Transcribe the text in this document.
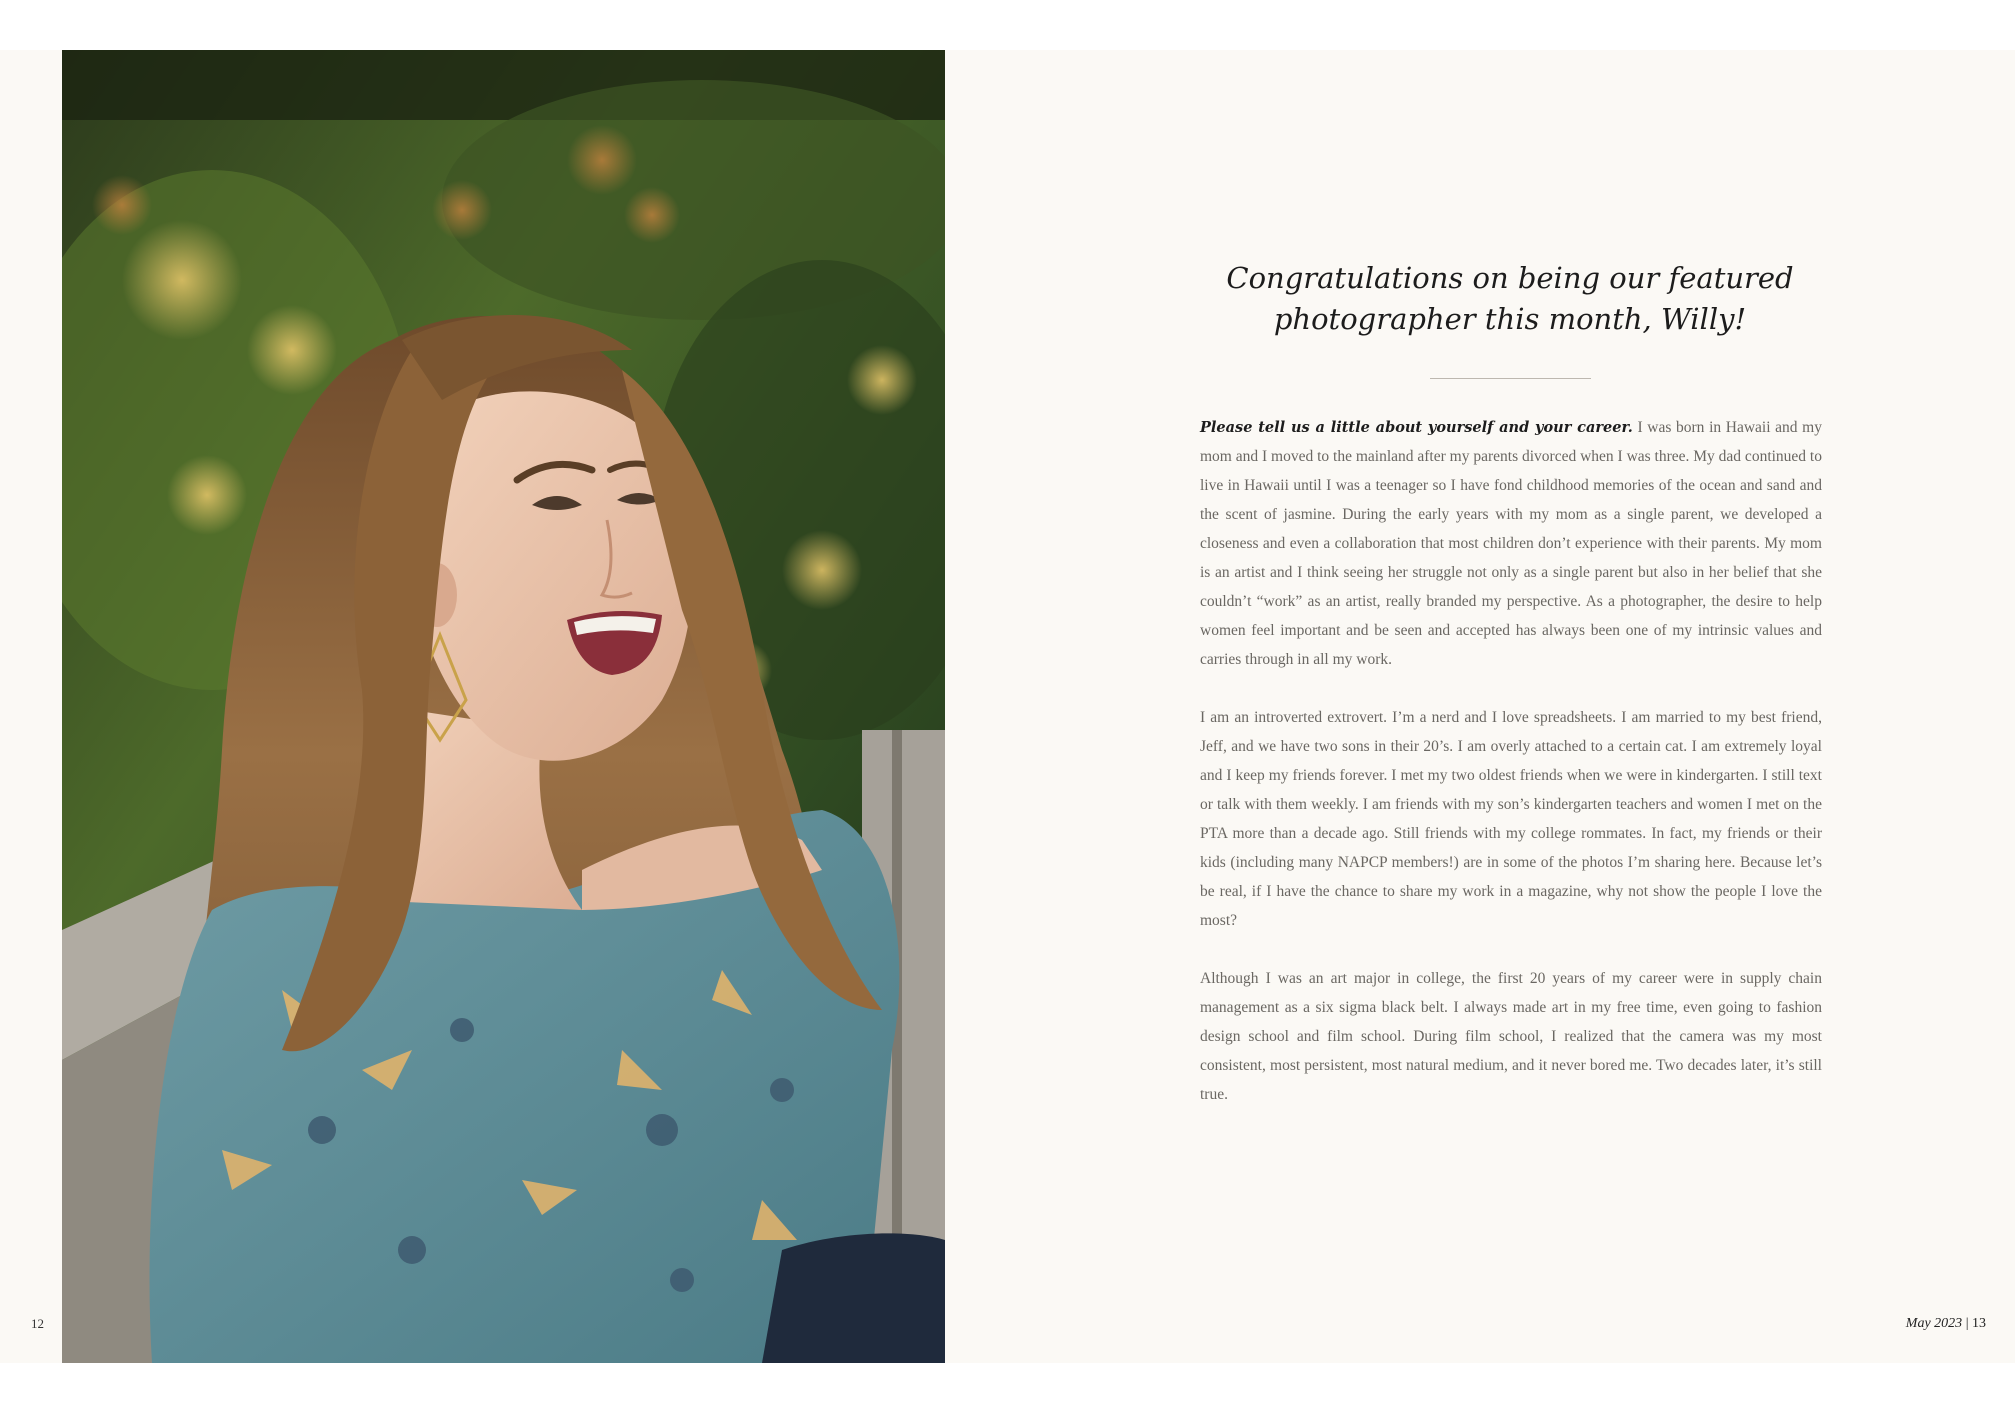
12	May 2023 | 13
Congratulations on being our featured
photographer this month, Willy!

Please tell us a little about yourself and your career. I was born in Hawaii and my mom and I moved to the mainland after my parents divorced when I was three. My dad continued to live in Hawaii until I was a teenager so I have fond childhood memories of the ocean and sand and the scent of jasmine. During the early years with my mom as a single parent, we developed a closeness and even a collaboration that most children don’t experience with their parents. My mom is an artist and I think seeing her struggle not only as a single parent but also in her belief that she couldn’t “work” as an artist, really branded my perspective. As a photographer, the desire to help women feel important and be seen and accepted has always been one of my intrinsic values and carries through in all my work.

I am an introverted extrovert. I’m a nerd and I love spreadsheets. I am married to my best friend, Jeff, and we have two sons in their 20’s. I am overly attached to a certain cat. I am extremely loyal and I keep my friends forever. I met my two oldest friends when we were in kindergarten. I still text or talk with them weekly. I am friends with my son’s kindergarten teachers and women I met on the PTA more than a decade ago. Still friends with my college rommates. In fact, my friends or their kids (including many NAPCP members!) are in some of the photos I’m sharing here. Because let’s be real, if I have the chance to share my work in a magazine, why not show the people I love the most?

Although I was an art major in college, the first 20 years of my career were in supply chain management as a six sigma black belt. I always made art in my free time, even going to fashion design school and film school. During film school, I realized that the camera was my most consistent, most persistent, most natural medium, and it never bored me. Two decades later, it’s still true.
